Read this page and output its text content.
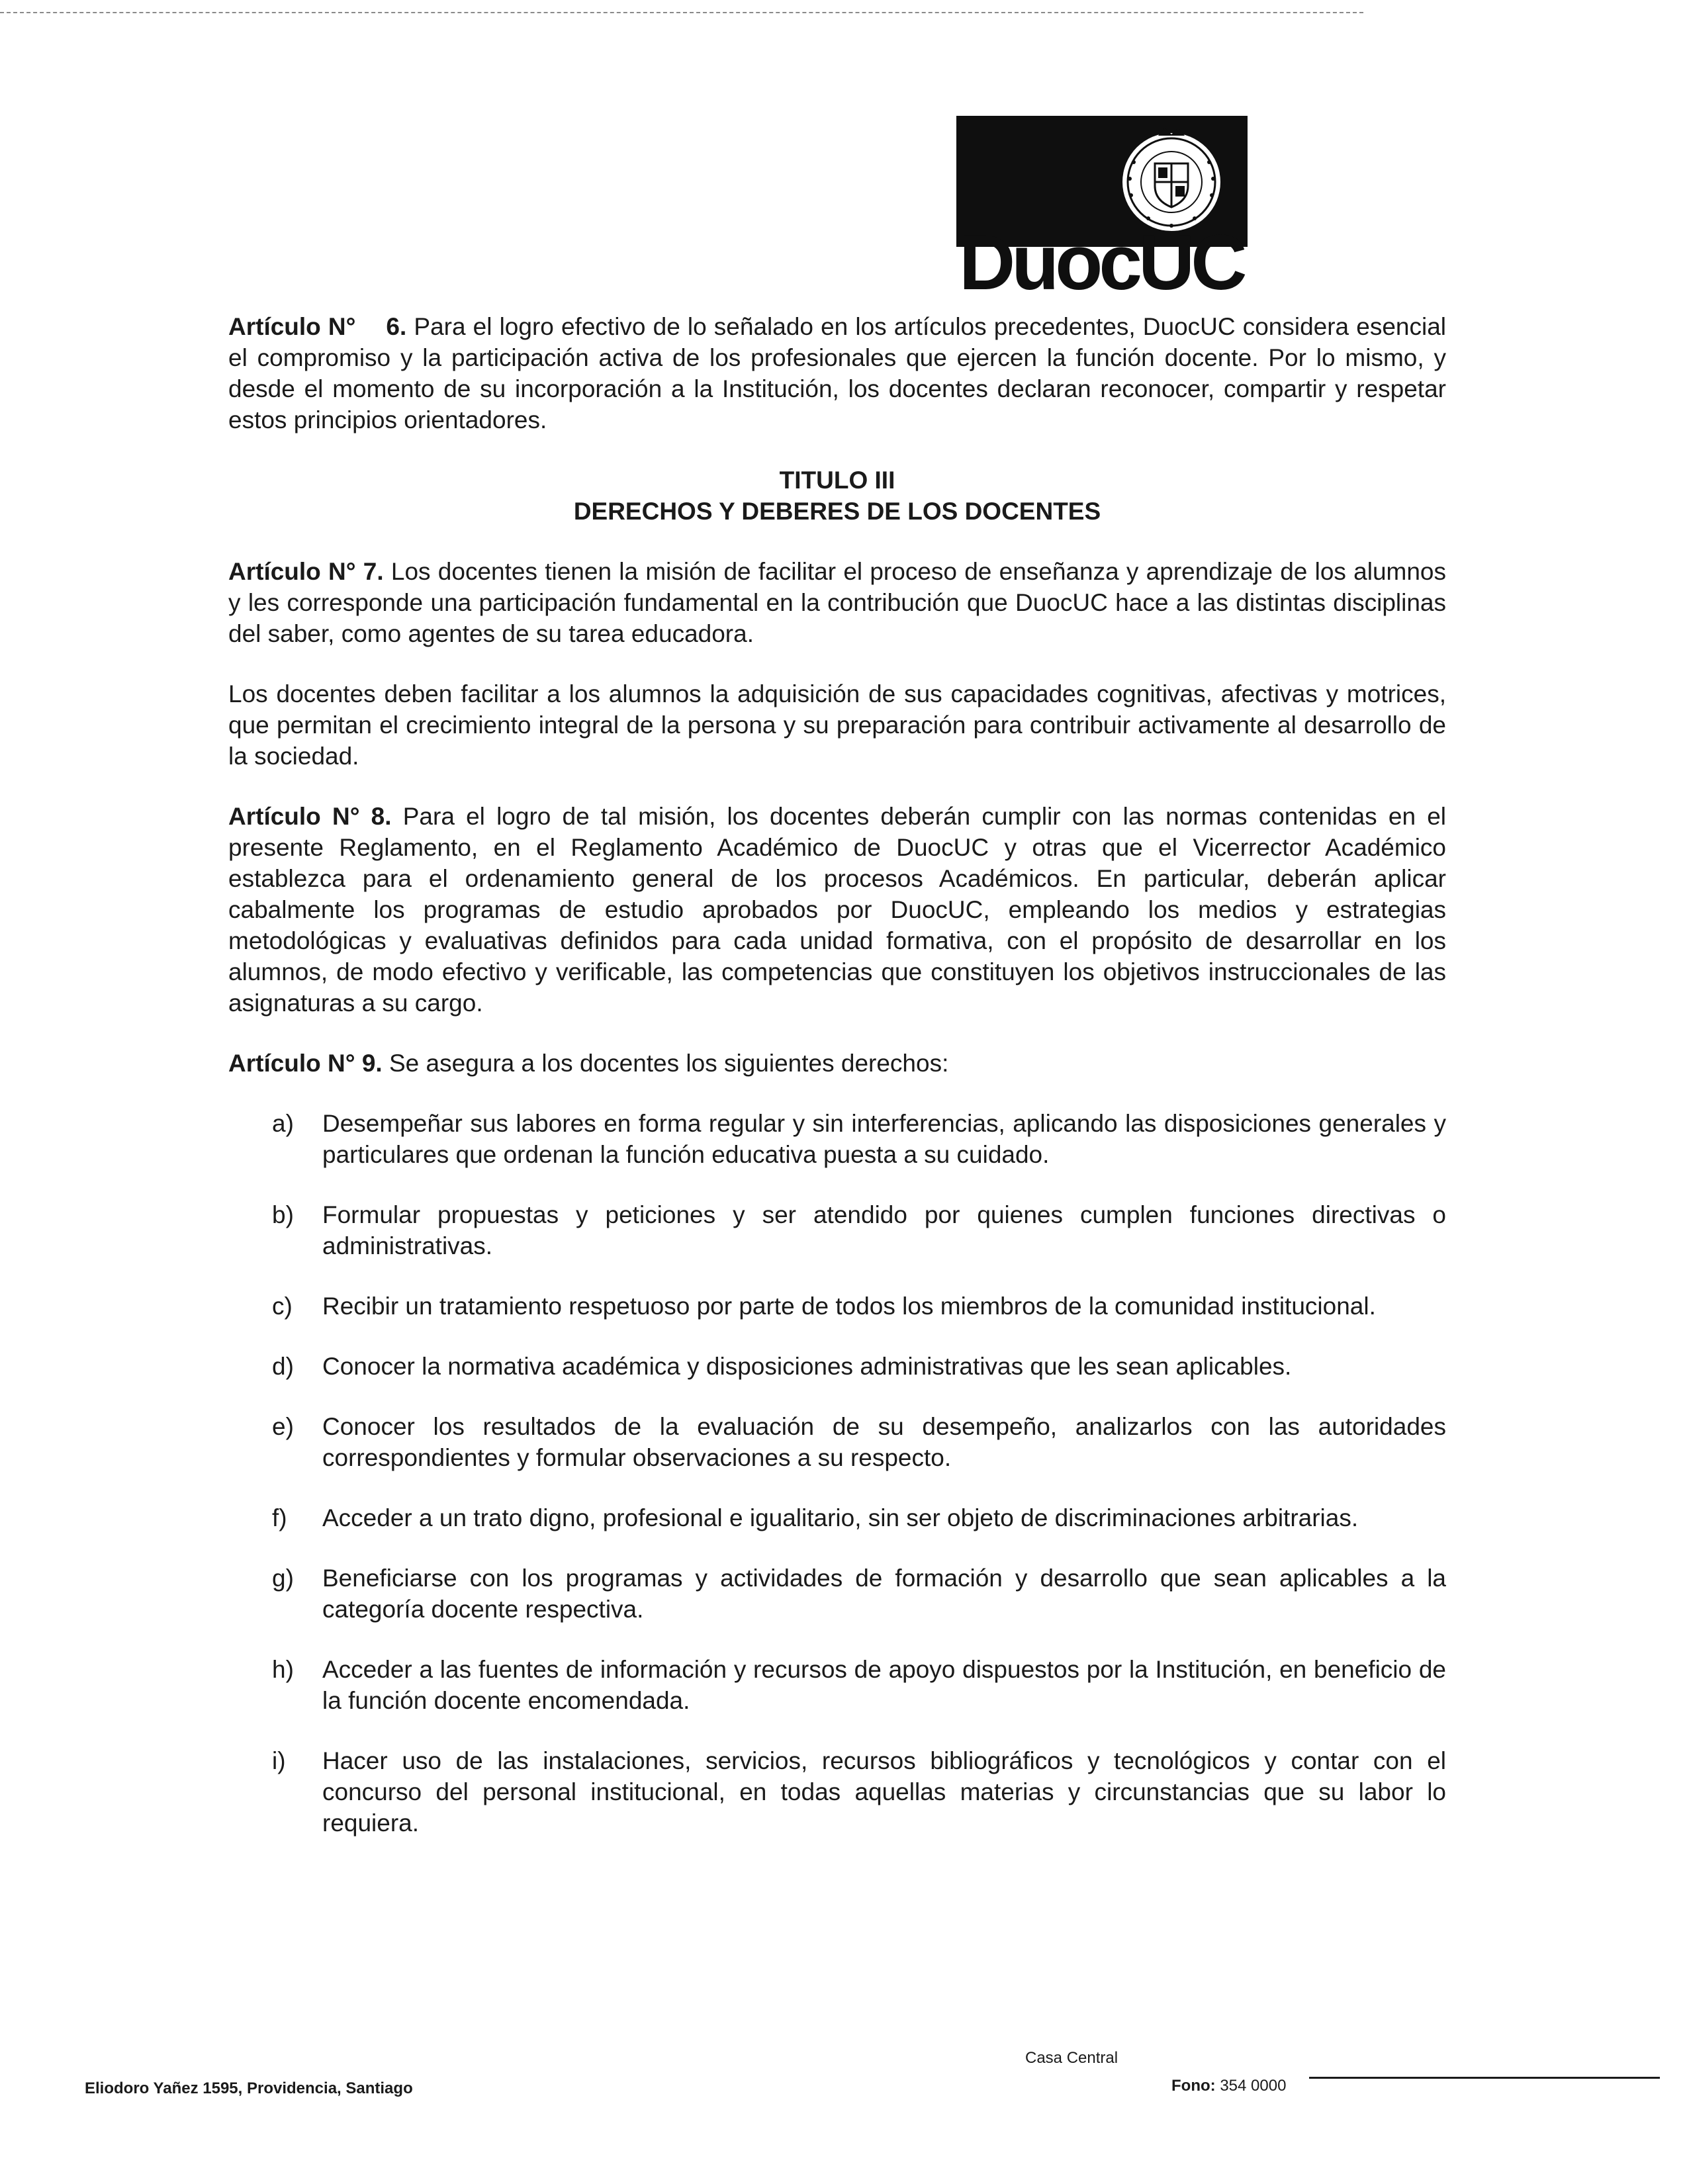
DuocUC

Artículo N° 6. Para el logro efectivo de lo señalado en los artículos precedentes, DuocUC considera esencial el compromiso y la participación activa de los profesionales que ejercen la función docente. Por lo mismo, y desde el momento de su incorporación a la Institución, los docentes declaran reconocer, compartir y respetar estos principios orientadores.

TITULO III
DERECHOS Y DEBERES DE LOS DOCENTES

Artículo N° 7. Los docentes tienen la misión de facilitar el proceso de enseñanza y aprendizaje de los alumnos y les corresponde una participación fundamental en la contribución que DuocUC hace a las distintas disciplinas del saber, como agentes de su tarea educadora.

Los docentes deben facilitar a los alumnos la adquisición de sus capacidades cognitivas, afectivas y motrices, que permitan el crecimiento integral de la persona y su preparación para contribuir activamente al desarrollo de la sociedad.

Artículo N° 8. Para el logro de tal misión, los docentes deberán cumplir con las normas contenidas en el presente Reglamento, en el Reglamento Académico de DuocUC y otras que el Vicerrector Académico establezca para el ordenamiento general de los procesos Académicos. En particular, deberán aplicar cabalmente los programas de estudio aprobados por DuocUC, empleando los medios y estrategias metodológicas y evaluativas definidos para cada unidad formativa, con el propósito de desarrollar en los alumnos, de modo efectivo y verificable, las competencias que constituyen los objetivos instruccionales de las asignaturas a su cargo.

Artículo N° 9. Se asegura a los docentes los siguientes derechos:

a) Desempeñar sus labores en forma regular y sin interferencias, aplicando las disposiciones generales y particulares que ordenan la función educativa puesta a su cuidado.
b) Formular propuestas y peticiones y ser atendido por quienes cumplen funciones directivas o administrativas.
c) Recibir un tratamiento respetuoso por parte de todos los miembros de la comunidad institucional.
d) Conocer la normativa académica y disposiciones administrativas que les sean aplicables.
e) Conocer los resultados de la evaluación de su desempeño, analizarlos con las autoridades correspondientes y formular observaciones a su respecto.
f) Acceder a un trato digno, profesional e igualitario, sin ser objeto de discriminaciones arbitrarias.
g) Beneficiarse con los programas y actividades de formación y desarrollo que sean aplicables a la categoría docente respectiva.
h) Acceder a las fuentes de información y recursos de apoyo dispuestos por la Institución, en beneficio de la función docente encomendada.
i) Hacer uso de las instalaciones, servicios, recursos bibliográficos y tecnológicos y contar con el concurso del personal institucional, en todas aquellas materias y circunstancias que su labor lo requiera.
Eliodoro Yañez 1595, Providencia, Santiago
Casa Central
Fono: 354 0000
